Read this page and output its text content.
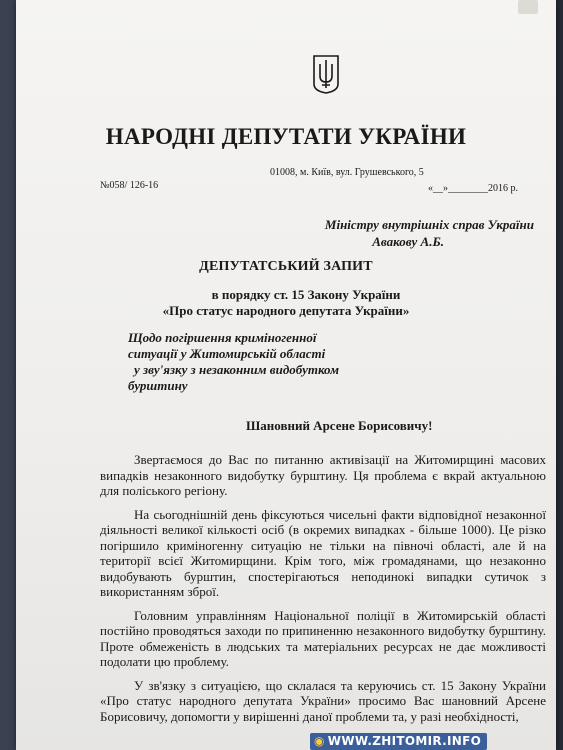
НАРОДНІ ДЕПУТАТИ УКРАЇНИ
01008, м. Київ, вул. Грушевського, 5
№058/ 126-16	«__»________2016 р.
Міністру внутрішніх справ України
Авакову А.Б.
ДЕПУТАТСЬКИЙ ЗАПИТ
в порядку ст. 15 Закону України
«Про статус народного депутата України»
Щодо погіршення криміногенної
ситуації у Житомирській області
у зву'язку з незаконним видобутком
бурштину
Шановний Арсене Борисовичу!

Звертаємося до Вас по питанню активізації на Житомирщині масових випадків незаконного видобутку бурштину. Ця проблема є вкрай актуальною для поліського регіону.

На сьогоднішній день фіксуються чисельні факти відповідної незаконної діяльності великої кількості осіб (в окремих випадках - більше 1000). Це різко погіршило криміногенну ситуацію не тільки на півночі області, але й на території всієї Житомирщини. Крім того, між громадянами, що незаконно видобувають бурштин, спостерігаються неподинокі випадки сутичок з використанням зброї.

Головним управлінням Національної поліції в Житомирській області постійно проводяться заходи по припиненню незаконного видобутку бурштину. Проте обмеженість в людських та матеріальних ресурсах не дає можливості подолати цю проблему.

У зв'язку з ситуацією, що склалася та керуючись ст. 15 Закону України «Про статус народного депутата України» просимо Вас шановний Арсене Борисовичу, допомогти у вирішенні даної проблеми та, у разі необхідності,

◉ WWW.ZHITOMIR.INFO
